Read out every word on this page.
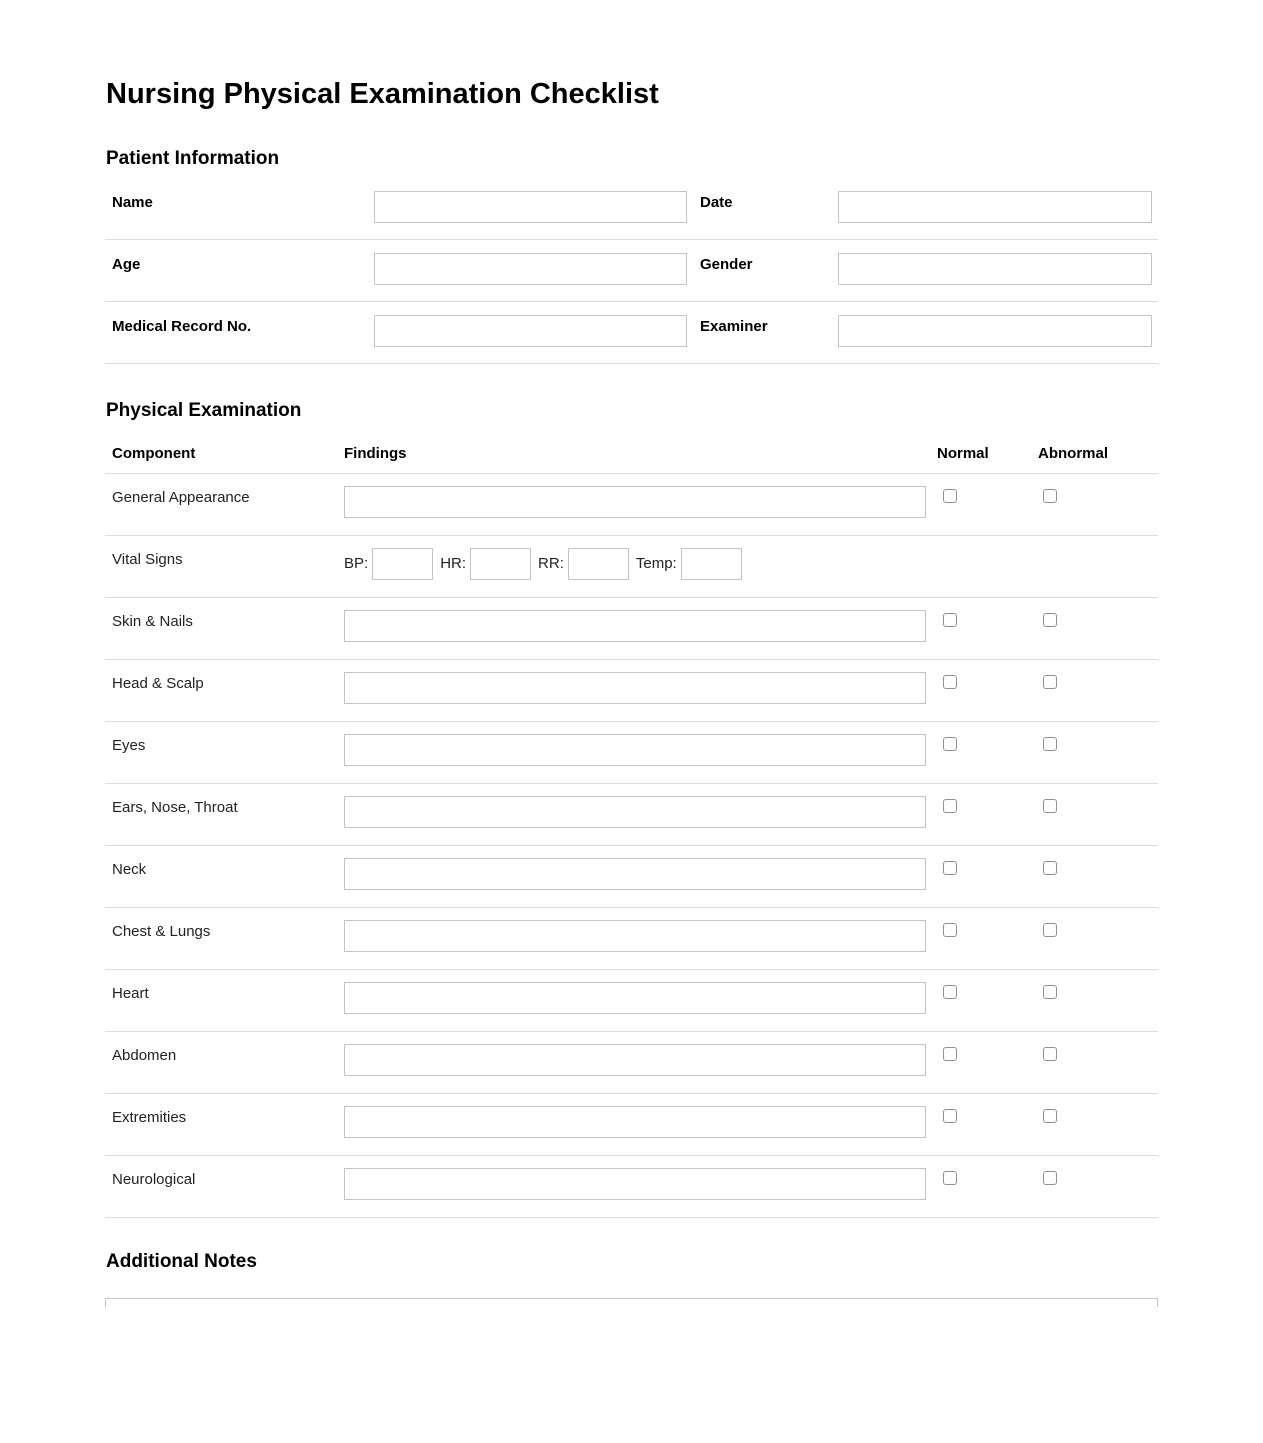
Nursing Physical Examination Checklist
Patient Information
Name	Date
Age	Gender
Medical Record No.	Examiner
Physical Examination
Component	Findings	Normal	Abnormal
General Appearance
Vital Signs	BP:	HR:	RR:	Temp:
Skin & Nails
Head & Scalp
Eyes
Ears, Nose, Throat
Neck
Chest & Lungs
Heart
Abdomen
Extremities
Neurological
Additional Notes
